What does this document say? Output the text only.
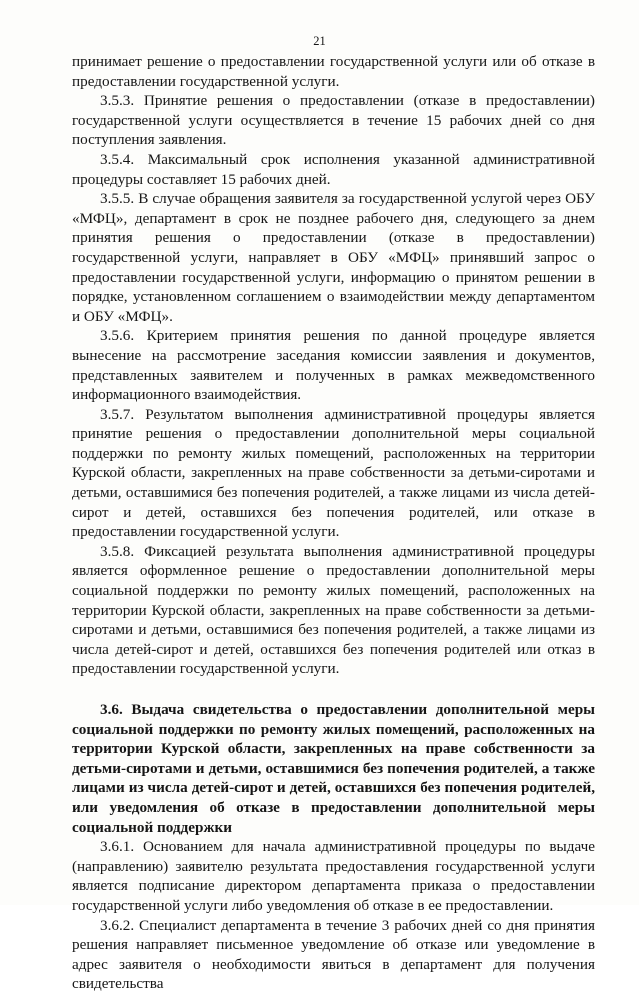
21

принимает решение о предоставлении государственной услуги или об отказе в предоставлении государственной услуги.

3.5.3. Принятие решения о предоставлении (отказе в предоставлении) государственной услуги осуществляется в течение 15 рабочих дней со дня поступления заявления.

3.5.4. Максимальный срок исполнения указанной административной процедуры составляет 15 рабочих дней.

3.5.5. В случае обращения заявителя за государственной услугой через ОБУ «МФЦ», департамент в срок не позднее рабочего дня, следующего за днем принятия решения о предоставлении (отказе в предоставлении) государственной услуги, направляет в ОБУ «МФЦ» принявший запрос о предоставлении государственной услуги, информацию о принятом решении в порядке, установленном соглашением о взаимодействии между департаментом и ОБУ «МФЦ».

3.5.6. Критерием принятия решения по данной процедуре является вынесение на рассмотрение заседания комиссии заявления и документов, представленных заявителем и полученных в рамках межведомственного информационного взаимодействия.

3.5.7. Результатом выполнения административной процедуры является принятие решения о предоставлении дополнительной меры социальной поддержки по ремонту жилых помещений, расположенных на территории Курской области, закрепленных на праве собственности за детьми-сиротами и детьми, оставшимися без попечения родителей, а также лицами из числа детей-сирот и детей, оставшихся без попечения родителей, или отказе в предоставлении государственной услуги.

3.5.8. Фиксацией результата выполнения административной процедуры является оформленное решение о предоставлении дополнительной меры социальной поддержки по ремонту жилых помещений, расположенных на территории Курской области, закрепленных на праве собственности за детьми-сиротами и детьми, оставшимися без попечения родителей, а также лицами из числа детей-сирот и детей, оставшихся без попечения родителей или отказ в предоставлении государственной услуги.

3.6. Выдача свидетельства о предоставлении дополнительной меры социальной поддержки по ремонту жилых помещений, расположенных на территории Курской области, закрепленных на праве собственности за детьми-сиротами и детьми, оставшимися без попечения родителей, а также лицами из числа детей-сирот и детей, оставшихся без попечения родителей, или уведомления об отказе в предоставлении дополнительной меры социальной поддержки

3.6.1. Основанием для начала административной процедуры по выдаче (направлению) заявителю результата предоставления государственной услуги является подписание директором департамента приказа о предоставлении государственной услуги либо уведомления об отказе в ее предоставлении.

3.6.2. Специалист департамента в течение 3 рабочих дней со дня принятия решения направляет письменное уведомление об отказе или уведомление в адрес заявителя о необходимости явиться в департамент для получения свидетельства
